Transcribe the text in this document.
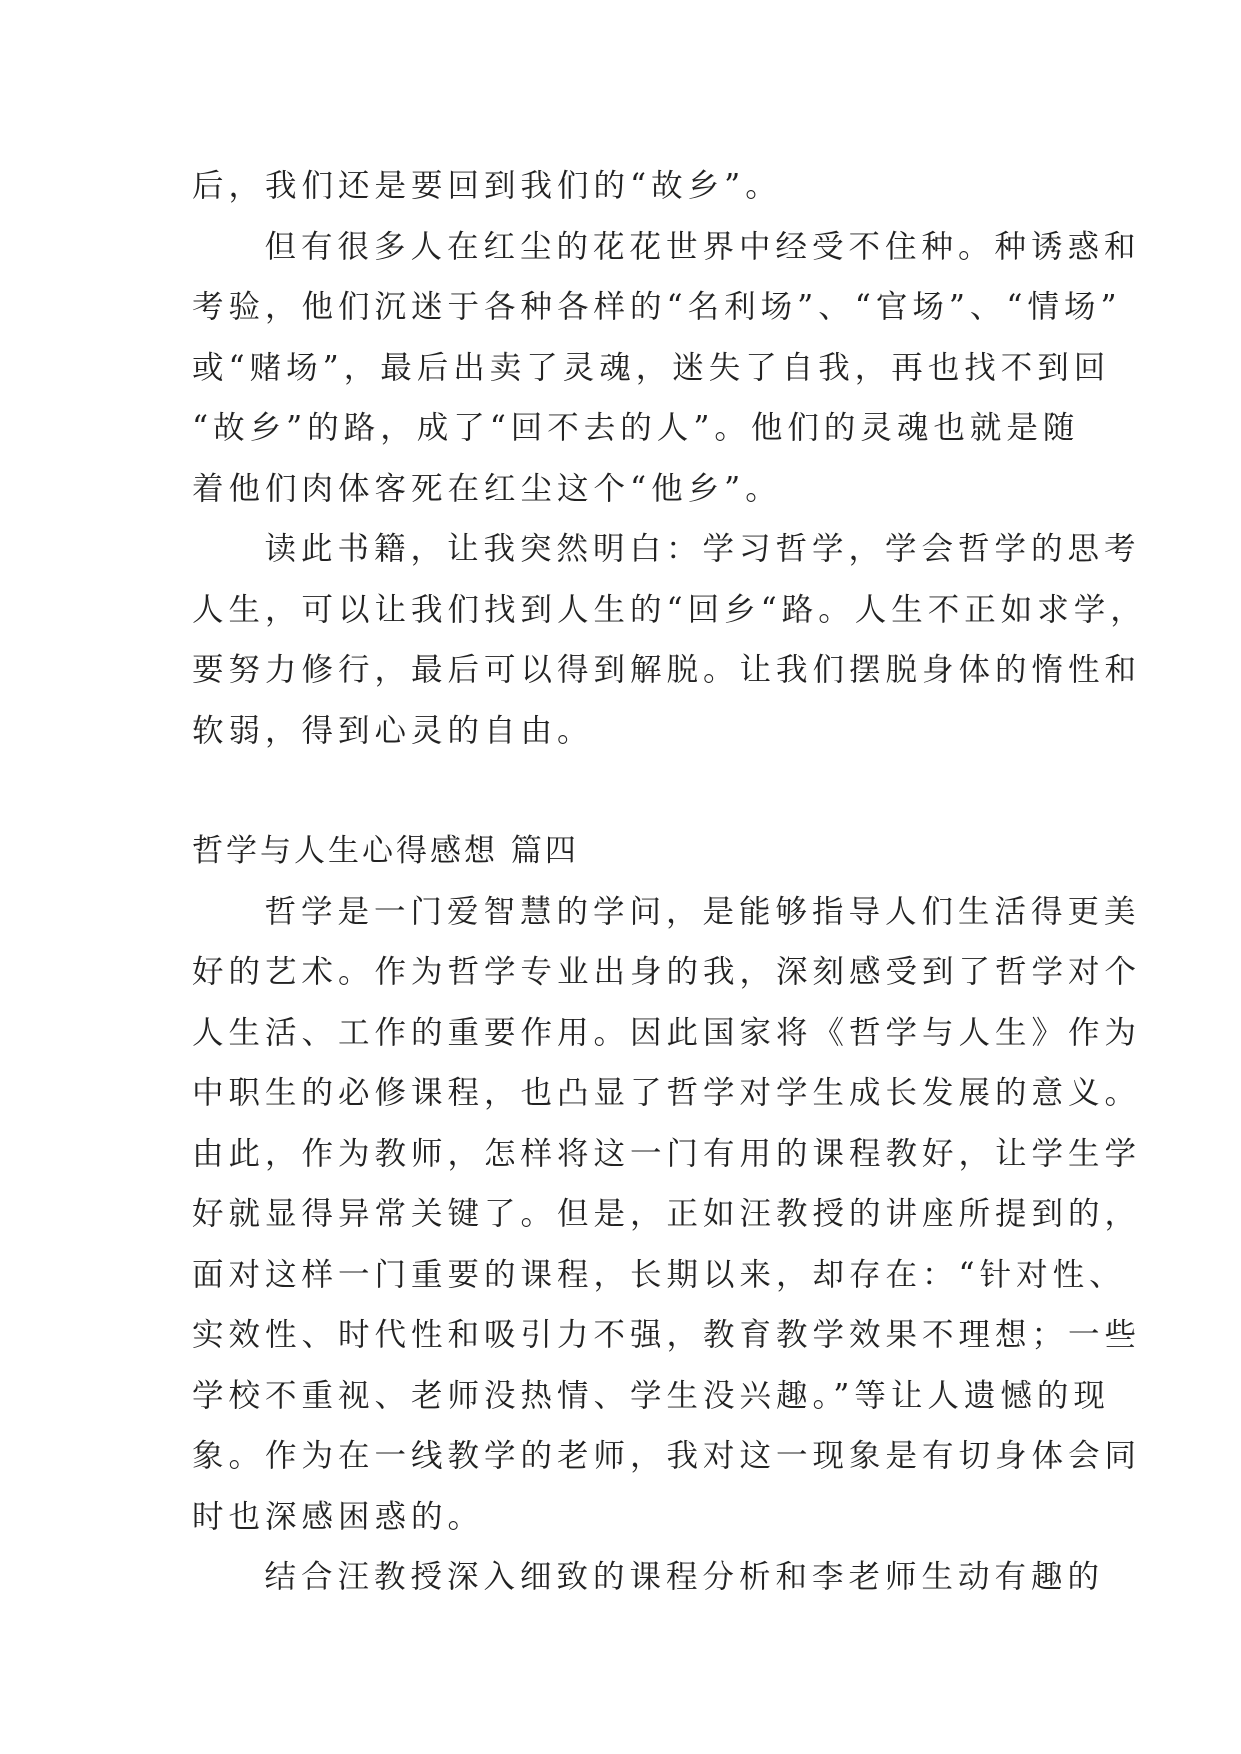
后，我们还是要回到我们的“故乡”。

但有很多人在红尘的花花世界中经受不住种。种诱惑和
考验，他们沉迷于各种各样的“名利场”、“官场”、“情场”
或“赌场”，最后出卖了灵魂，迷失了自我，再也找不到回
“故乡”的路，成了“回不去的人”。他们的灵魂也就是随
着他们肉体客死在红尘这个“他乡”。

读此书籍，让我突然明白：学习哲学，学会哲学的思考
人生，可以让我们找到人生的“回乡“路。人生不正如求学，
要努力修行，最后可以得到解脱。让我们摆脱身体的惰性和
软弱，得到心灵的自由。

哲学与人生心得感想 篇四

哲学是一门爱智慧的学问，是能够指导人们生活得更美
好的艺术。作为哲学专业出身的我，深刻感受到了哲学对个
人生活、工作的重要作用。因此国家将《哲学与人生》作为
中职生的必修课程，也凸显了哲学对学生成长发展的意义。
由此，作为教师，怎样将这一门有用的课程教好，让学生学
好就显得异常关键了。但是，正如汪教授的讲座所提到的，
面对这样一门重要的课程，长期以来，却存在：“针对性、
实效性、时代性和吸引力不强，教育教学效果不理想；一些
学校不重视、老师没热情、学生没兴趣。”等让人遗憾的现
象。作为在一线教学的老师，我对这一现象是有切身体会同
时也深感困惑的。

结合汪教授深入细致的课程分析和李老师生动有趣的
